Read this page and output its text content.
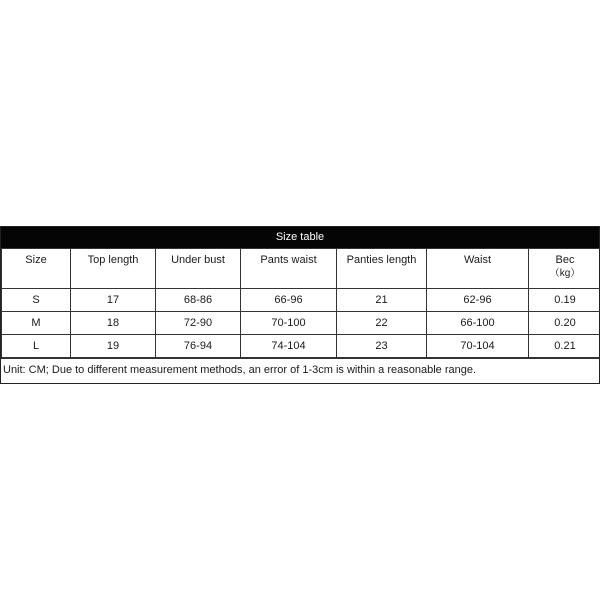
Size table
Size	Top length	Under bust	Pants waist	Panties length	Waist	Bec
（kg）

S	17	68-86	66-96	21	62-96	0.19
M	18	72-90	70-100	22	66-100	0.20
L	19	76-94	74-104	23	70-104	0.21
Unit: CM; Due to different measurement methods, an error of 1-3cm is within a reasonable range.
